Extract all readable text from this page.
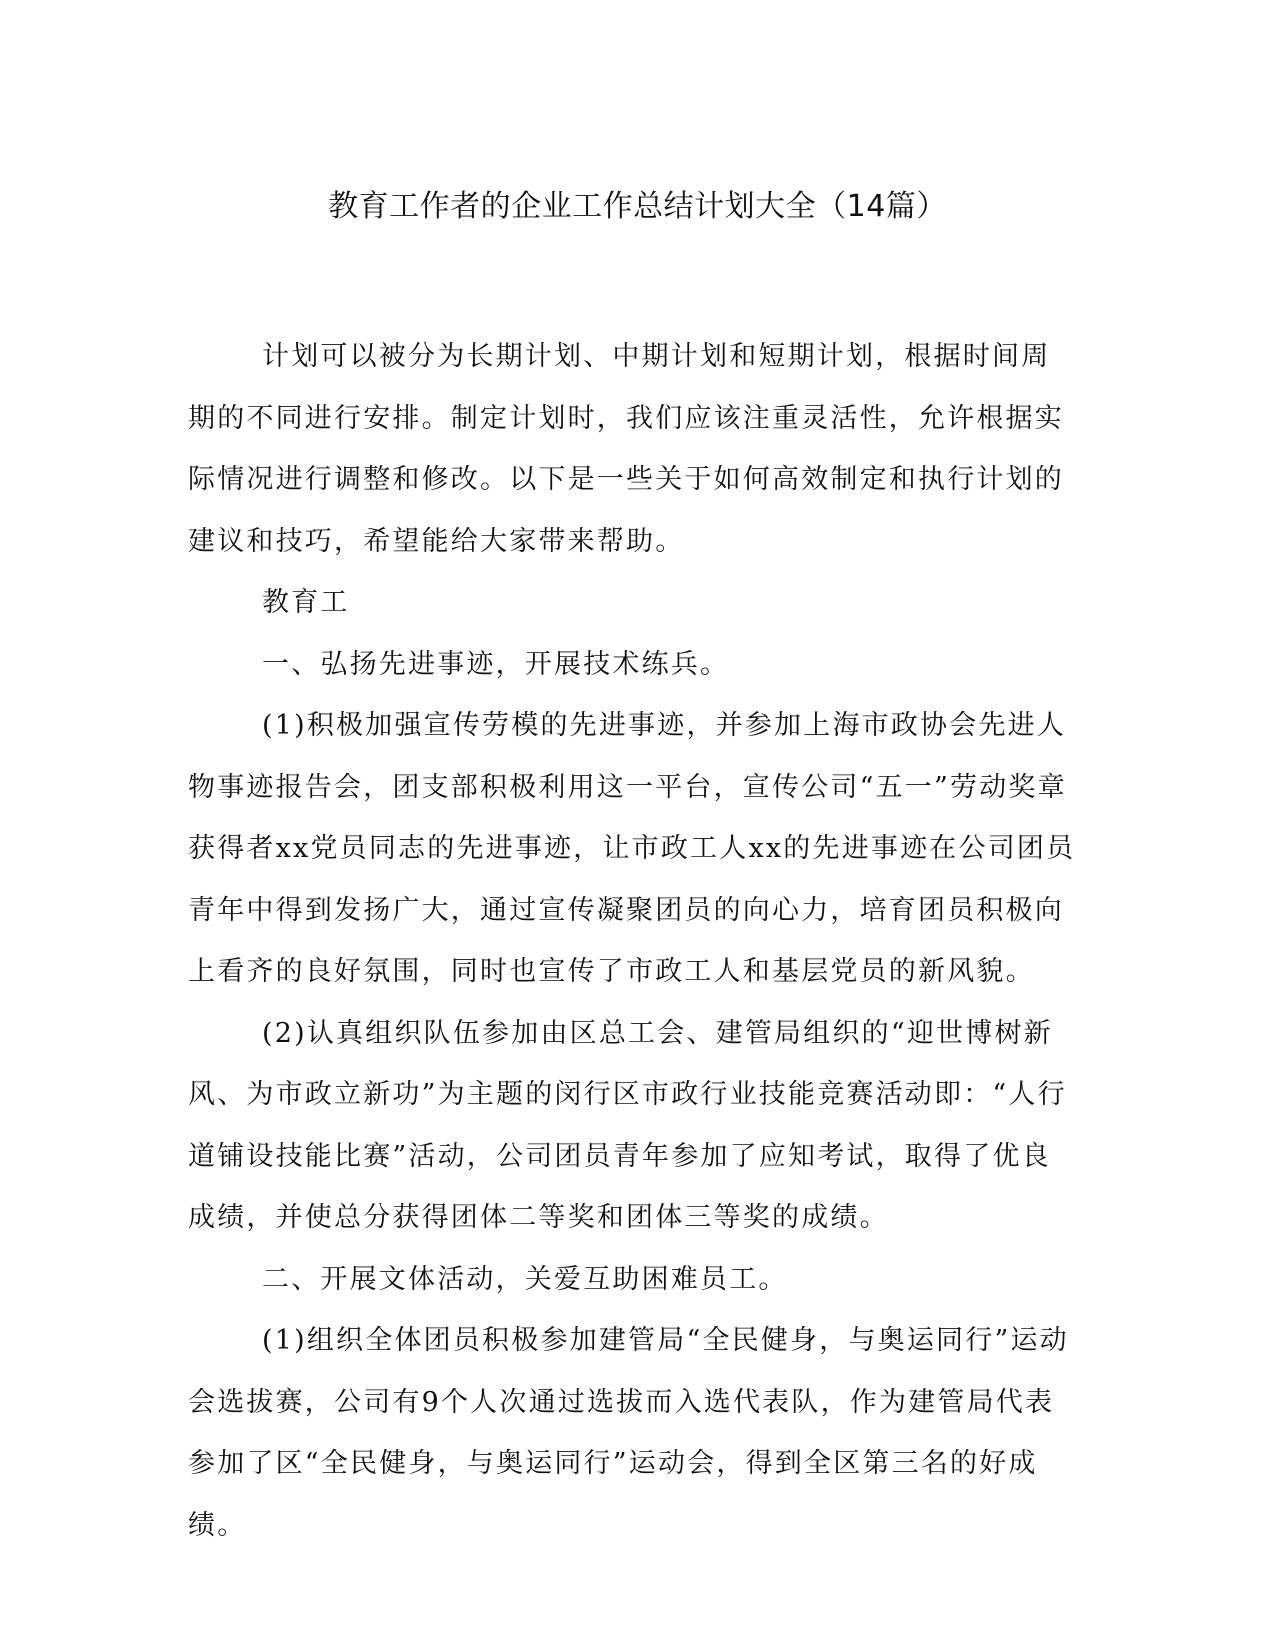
教育工作者的企业工作总结计划大全（14篇）

计划可以被分为长期计划、中期计划和短期计划，根据时间周期的不同进行安排。制定计划时，我们应该注重灵活性，允许根据实际情况进行调整和修改。以下是一些关于如何高效制定和执行计划的建议和技巧，希望能给大家带来帮助。

教育工

一、弘扬先进事迹，开展技术练兵。

(1)积极加强宣传劳模的先进事迹，并参加上海市政协会先进人物事迹报告会，团支部积极利用这一平台，宣传公司“五一”劳动奖章获得者xx党员同志的先进事迹，让市政工人xx的先进事迹在公司团员青年中得到发扬广大，通过宣传凝聚团员的向心力，培育团员积极向上看齐的良好氛围，同时也宣传了市政工人和基层党员的新风貌。

(2)认真组织队伍参加由区总工会、建管局组织的“迎世博树新风、为市政立新功”为主题的闵行区市政行业技能竞赛活动即：“人行道铺设技能比赛”活动，公司团员青年参加了应知考试，取得了优良成绩，并使总分获得团体二等奖和团体三等奖的成绩。

二、开展文体活动，关爱互助困难员工。

(1)组织全体团员积极参加建管局“全民健身，与奥运同行”运动会选拔赛，公司有9个人次通过选拔而入选代表队，作为建管局代表参加了区“全民健身，与奥运同行”运动会，得到全区第三名的好成绩。
